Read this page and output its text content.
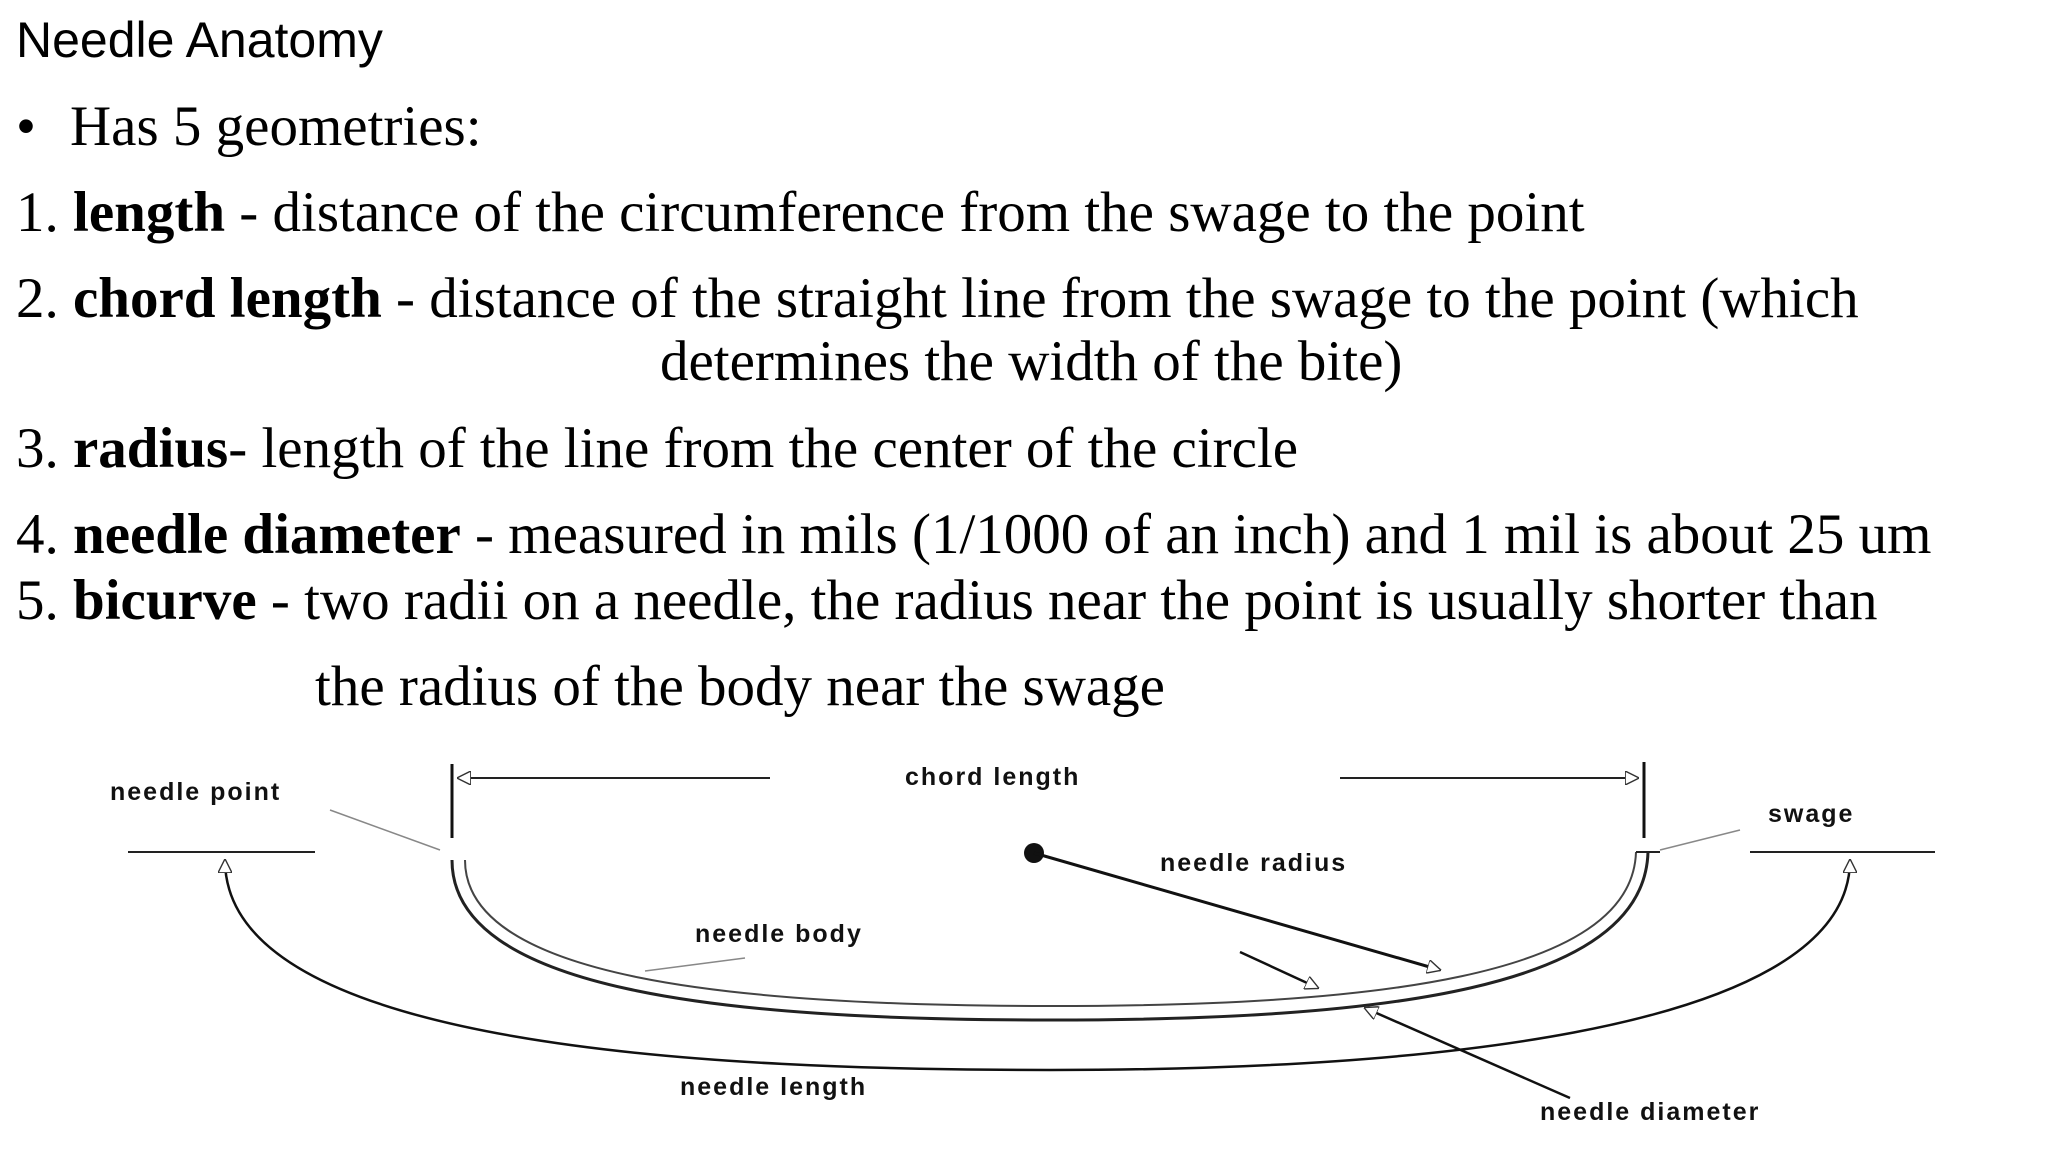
Needle Anatomy
• Has 5 geometries:
1. length - distance of the circumference from the swage to the point
2. chord length - distance of the straight line from the swage to the point (which
determines the width of the bite)
3. radius- length of the line from the center of the circle
4. needle diameter - measured in mils (1/1000 of an inch) and 1 mil is about 25 um
5. bicurve - two radii on a needle, the radius near the point is usually shorter than
the radius of the body near the swage
needle point
chord length
swage
needle body
needle radius
needle length
needle diameter
